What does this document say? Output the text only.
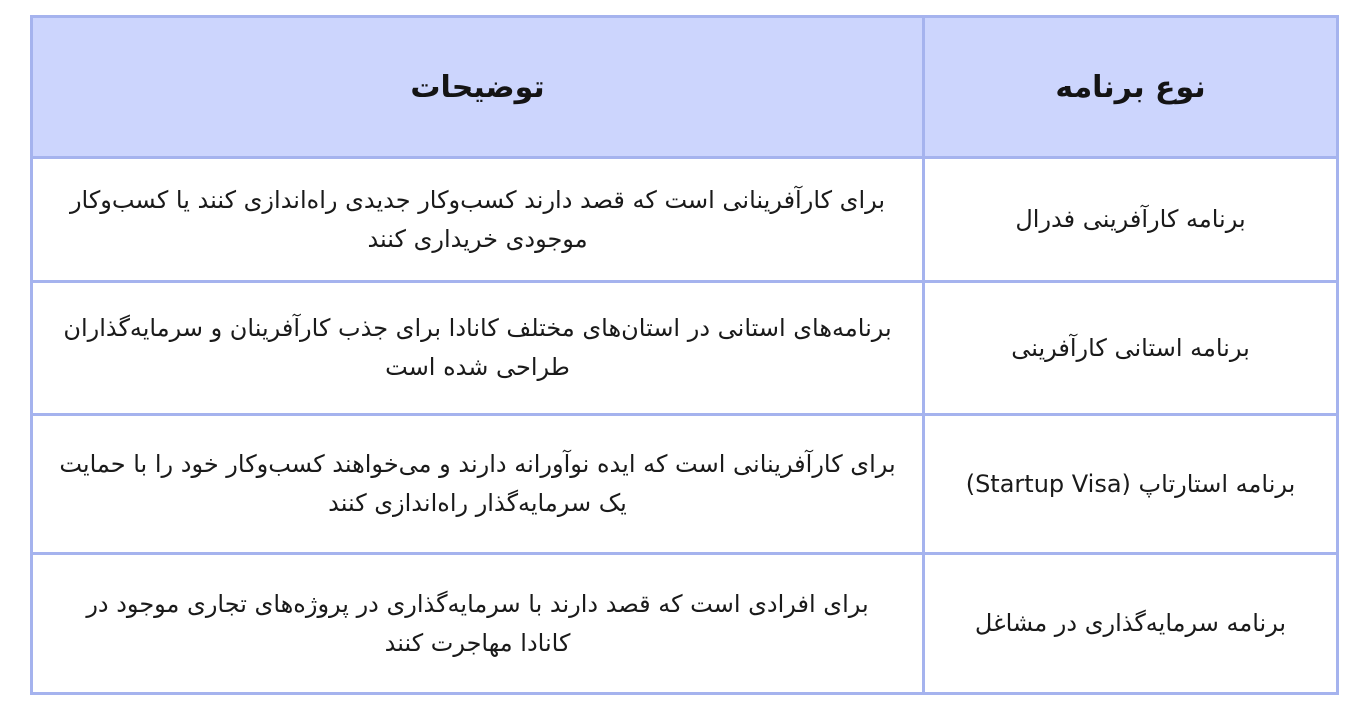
نوع برنامه	توضیحات
برنامه کارآفرینی فدرال	برای کارآفرینانی است که قصد دارند کسب‌وکار جدیدی راه‌اندازی کنند یا کسب‌وکار موجودی خریداری کنند
برنامه استانی کارآفرینی	برنامه‌های استانی در استان‌های مختلف کانادا برای جذب کارآفرینان و سرمایه‌گذاران طراحی شده است
برنامه استارتاپ (Startup Visa)	برای کارآفرینانی است که ایده نوآورانه دارند و می‌خواهند کسب‌وکار خود را با حمایت یک سرمایه‌گذار راه‌اندازی کنند
برنامه سرمایه‌گذاری در مشاغل	برای افرادی است که قصد دارند با سرمایه‌گذاری در پروژه‌های تجاری موجود در کانادا مهاجرت کنند
